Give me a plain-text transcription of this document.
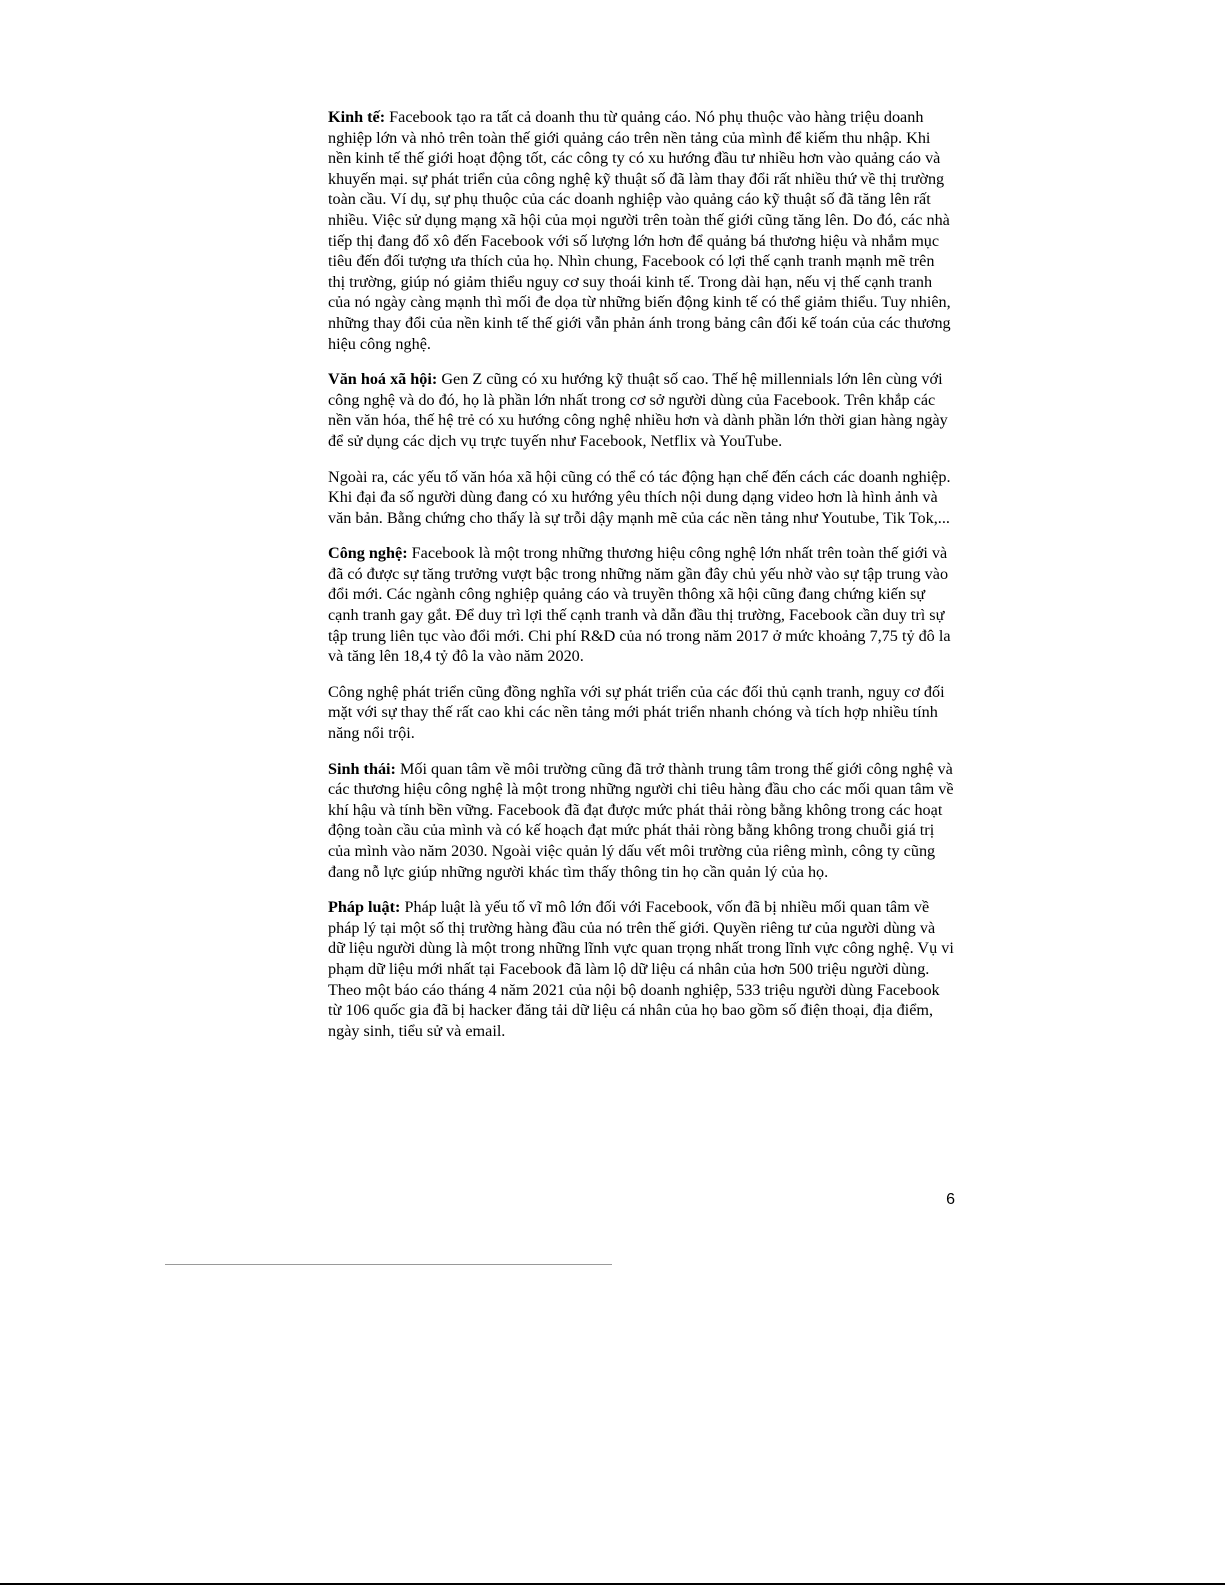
Kinh tế: Facebook tạo ra tất cả doanh thu từ quảng cáo. Nó phụ thuộc vào hàng triệu doanh nghiệp lớn và nhỏ trên toàn thế giới quảng cáo trên nền tảng của mình để kiếm thu nhập. Khi nền kinh tế thế giới hoạt động tốt, các công ty có xu hướng đầu tư nhiều hơn vào quảng cáo và khuyến mại. sự phát triển của công nghệ kỹ thuật số đã làm thay đổi rất nhiều thứ về thị trường toàn cầu. Ví dụ, sự phụ thuộc của các doanh nghiệp vào quảng cáo kỹ thuật số đã tăng lên rất nhiều. Việc sử dụng mạng xã hội của mọi người trên toàn thế giới cũng tăng lên. Do đó, các nhà tiếp thị đang đổ xô đến Facebook với số lượng lớn hơn để quảng bá thương hiệu và nhắm mục tiêu đến đối tượng ưa thích của họ. Nhìn chung, Facebook có lợi thế cạnh tranh mạnh mẽ trên thị trường, giúp nó giảm thiểu nguy cơ suy thoái kinh tế. Trong dài hạn, nếu vị thế cạnh tranh của nó ngày càng mạnh thì mối đe dọa từ những biến động kinh tế có thể giảm thiểu. Tuy nhiên, những thay đổi của nền kinh tế thế giới vẫn phản ánh trong bảng cân đối kế toán của các thương hiệu công nghệ.

Văn hoá xã hội: Gen Z cũng có xu hướng kỹ thuật số cao. Thế hệ millennials lớn lên cùng với công nghệ và do đó, họ là phần lớn nhất trong cơ sở người dùng của Facebook. Trên khắp các nền văn hóa, thế hệ trẻ có xu hướng công nghệ nhiều hơn và dành phần lớn thời gian hàng ngày để sử dụng các dịch vụ trực tuyến như Facebook, Netflix và YouTube.

Ngoài ra, các yếu tố văn hóa xã hội cũng có thể có tác động hạn chế đến cách các doanh nghiệp. Khi đại đa số người dùng đang có xu hướng yêu thích nội dung dạng video hơn là hình ảnh và văn bản. Bằng chứng cho thấy là sự trỗi dậy mạnh mẽ của các nền tảng như Youtube, Tik Tok,...

Công nghệ: Facebook là một trong những thương hiệu công nghệ lớn nhất trên toàn thế giới và đã có được sự tăng trưởng vượt bậc trong những năm gần đây chủ yếu nhờ vào sự tập trung vào đổi mới. Các ngành công nghiệp quảng cáo và truyền thông xã hội cũng đang chứng kiến sự cạnh tranh gay gắt. Để duy trì lợi thế cạnh tranh và dẫn đầu thị trường, Facebook cần duy trì sự tập trung liên tục vào đổi mới. Chi phí R&D của nó trong năm 2017 ở mức khoảng 7,75 tỷ đô la và tăng lên 18,4 tỷ đô la vào năm 2020.

Công nghệ phát triển cũng đồng nghĩa với sự phát triển của các đối thủ cạnh tranh, nguy cơ đối mặt với sự thay thế rất cao khi các nền tảng mới phát triển nhanh chóng và tích hợp nhiều tính năng nổi trội.

Sinh thái: Mối quan tâm về môi trường cũng đã trở thành trung tâm trong thế giới công nghệ và các thương hiệu công nghệ là một trong những người chi tiêu hàng đầu cho các mối quan tâm về khí hậu và tính bền vững. Facebook đã đạt được mức phát thải ròng bằng không trong các hoạt động toàn cầu của mình và có kế hoạch đạt mức phát thải ròng bằng không trong chuỗi giá trị của mình vào năm 2030. Ngoài việc quản lý dấu vết môi trường của riêng mình, công ty cũng đang nỗ lực giúp những người khác tìm thấy thông tin họ cần quản lý của họ.

Pháp luật: Pháp luật là yếu tố vĩ mô lớn đối với Facebook, vốn đã bị nhiều mối quan tâm về pháp lý tại một số thị trường hàng đầu của nó trên thế giới. Quyền riêng tư của người dùng và dữ liệu người dùng là một trong những lĩnh vực quan trọng nhất trong lĩnh vực công nghệ. Vụ vi phạm dữ liệu mới nhất tại Facebook đã làm lộ dữ liệu cá nhân của hơn 500 triệu người dùng. Theo một báo cáo tháng 4 năm 2021 của nội bộ doanh nghiệp, 533 triệu người dùng Facebook từ 106 quốc gia đã bị hacker đăng tải dữ liệu cá nhân của họ bao gồm số điện thoại, địa điểm, ngày sinh, tiểu sử và email.

6
